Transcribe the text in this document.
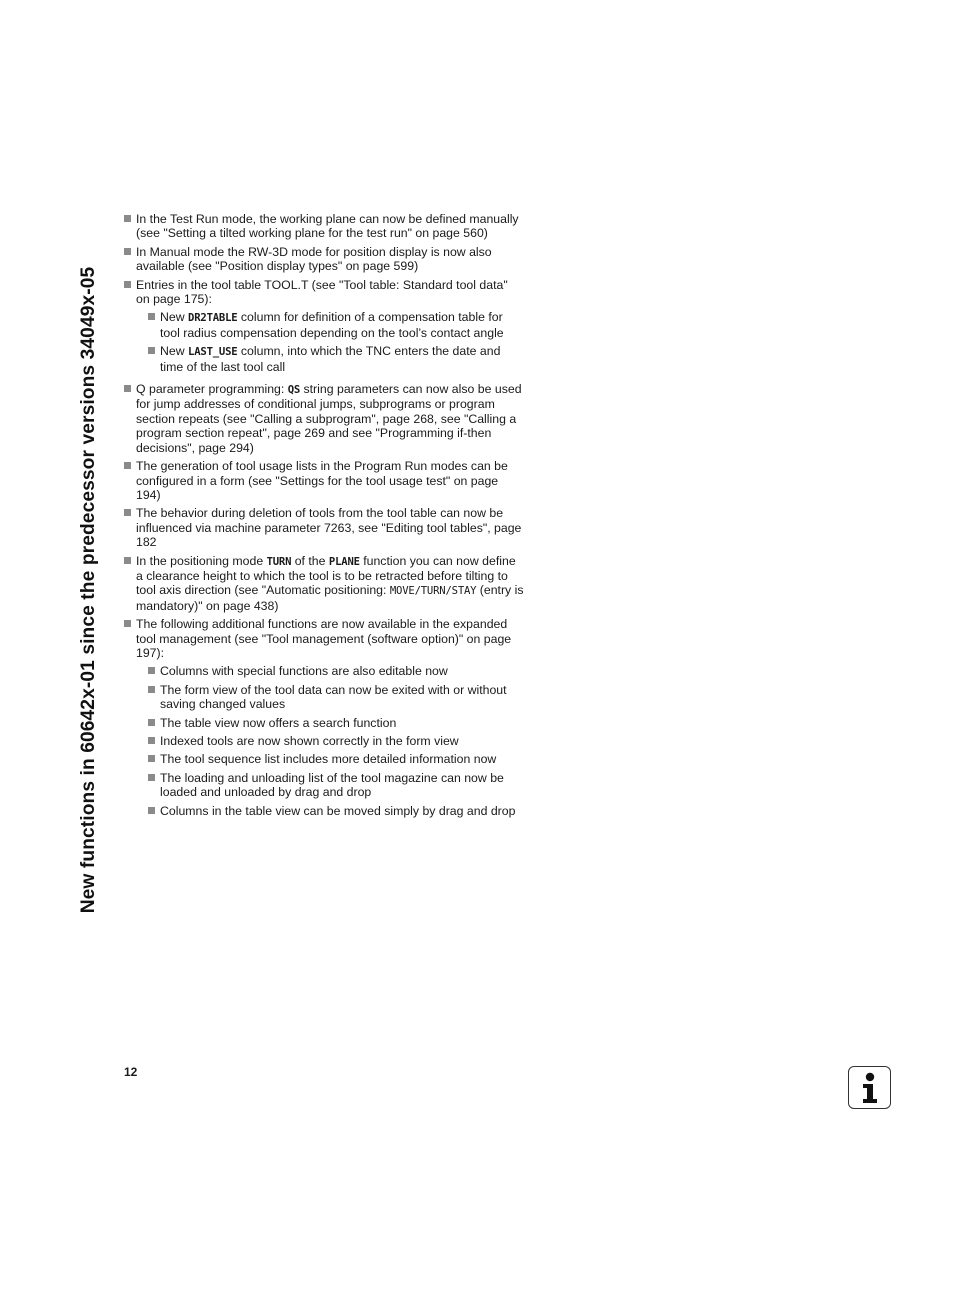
New functions in 60642x-01 since the predecessor versions 34049x-05
In the Test Run mode, the working plane can now be defined manually (see "Setting a tilted working plane for the test run" on page 560)
In Manual mode the RW-3D mode for position display is now also available (see "Position display types" on page 599)
Entries in the tool table TOOL.T (see "Tool table: Standard tool data" on page 175):
New DR2TABLE column for definition of a compensation table for tool radius compensation depending on the tool’s contact angle
New LAST_USE column, into which the TNC enters the date and time of the last tool call
Q parameter programming: QS string parameters can now also be used for jump addresses of conditional jumps, subprograms or program section repeats (see "Calling a subprogram", page 268, see "Calling a program section repeat", page 269 and see "Programming if-then decisions", page 294)
The generation of tool usage lists in the Program Run modes can be configured in a form (see "Settings for the tool usage test" on page 194)
The behavior during deletion of tools from the tool table can now be influenced via machine parameter 7263, see "Editing tool tables", page 182
In the positioning mode TURN of the PLANE function you can now define a clearance height to which the tool is to be retracted before tilting to tool axis direction (see "Automatic positioning: MOVE/TURN/STAY (entry is mandatory)" on page 438)
The following additional functions are now available in the expanded tool management (see "Tool management (software option)" on page 197):
Columns with special functions are also editable now
The form view of the tool data can now be exited with or without saving changed values
The table view now offers a search function
Indexed tools are now shown correctly in the form view
The tool sequence list includes more detailed information now
The loading and unloading list of the tool magazine can now be loaded and unloaded by drag and drop
Columns in the table view can be moved simply by drag and drop
12
